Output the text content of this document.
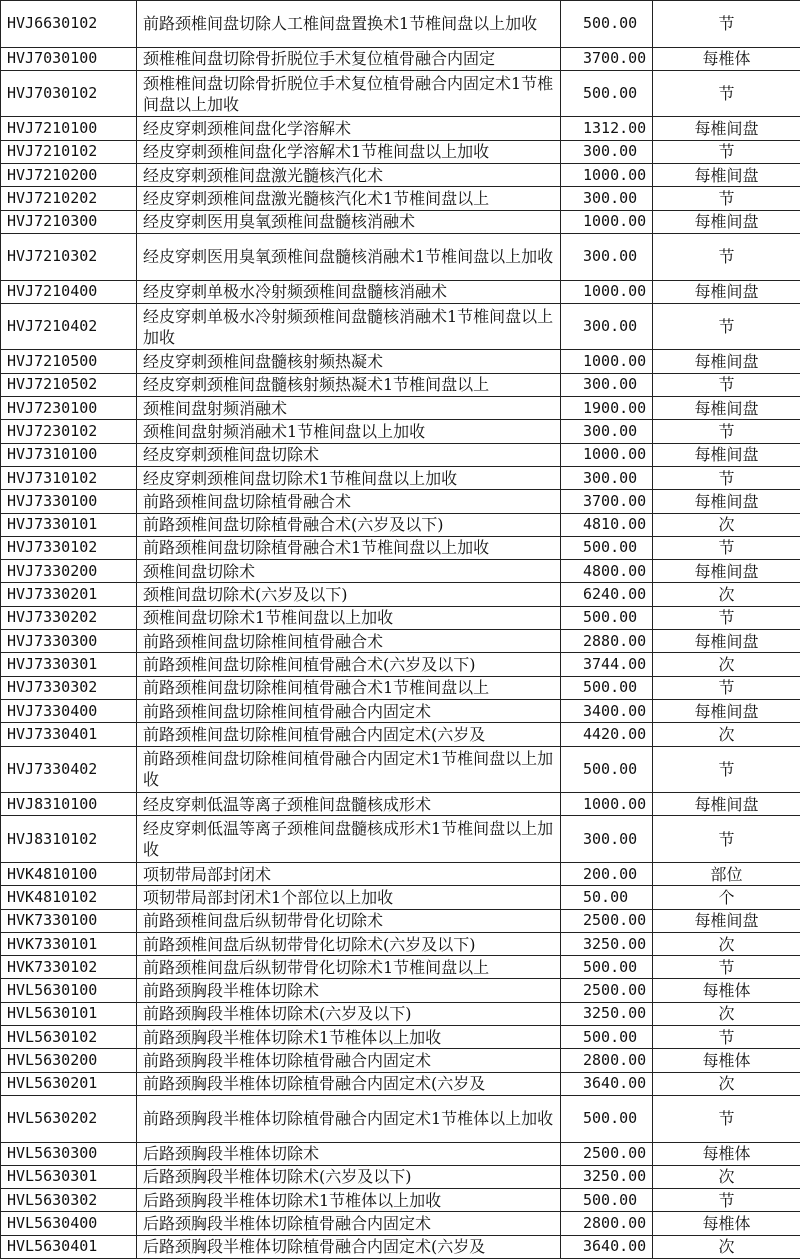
HVJ6630102	前路颈椎间盘切除人工椎间盘置换术1节椎间盘以上加收	500.00	节
HVJ7030100	颈椎椎间盘切除骨折脱位手术复位植骨融合内固定	3700.00	每椎体
HVJ7030102	颈椎椎间盘切除骨折脱位手术复位植骨融合内固定术1节椎间盘以上加收	500.00	节
HVJ7210100	经皮穿刺颈椎间盘化学溶解术	1312.00	每椎间盘
HVJ7210102	经皮穿刺颈椎间盘化学溶解术1节椎间盘以上加收	300.00	节
HVJ7210200	经皮穿刺颈椎间盘激光髓核汽化术	1000.00	每椎间盘
HVJ7210202	经皮穿刺颈椎间盘激光髓核汽化术1节椎间盘以上	300.00	节
HVJ7210300	经皮穿刺医用臭氧颈椎间盘髓核消融术	1000.00	每椎间盘
HVJ7210302	经皮穿刺医用臭氧颈椎间盘髓核消融术1节椎间盘以上加收	300.00	节
HVJ7210400	经皮穿刺单极水冷射频颈椎间盘髓核消融术	1000.00	每椎间盘
HVJ7210402	经皮穿刺单极水冷射频颈椎间盘髓核消融术1节椎间盘以上加收	300.00	节
HVJ7210500	经皮穿刺颈椎间盘髓核射频热凝术	1000.00	每椎间盘
HVJ7210502	经皮穿刺颈椎间盘髓核射频热凝术1节椎间盘以上	300.00	节
HVJ7230100	颈椎间盘射频消融术	1900.00	每椎间盘
HVJ7230102	颈椎间盘射频消融术1节椎间盘以上加收	300.00	节
HVJ7310100	经皮穿刺颈椎间盘切除术	1000.00	每椎间盘
HVJ7310102	经皮穿刺颈椎间盘切除术1节椎间盘以上加收	300.00	节
HVJ7330100	前路颈椎间盘切除植骨融合术	3700.00	每椎间盘
HVJ7330101	前路颈椎间盘切除植骨融合术(六岁及以下)	4810.00	次
HVJ7330102	前路颈椎间盘切除植骨融合术1节椎间盘以上加收	500.00	节
HVJ7330200	颈椎间盘切除术	4800.00	每椎间盘
HVJ7330201	颈椎间盘切除术(六岁及以下)	6240.00	次
HVJ7330202	颈椎间盘切除术1节椎间盘以上加收	500.00	节
HVJ7330300	前路颈椎间盘切除椎间植骨融合术	2880.00	每椎间盘
HVJ7330301	前路颈椎间盘切除椎间植骨融合术(六岁及以下)	3744.00	次
HVJ7330302	前路颈椎间盘切除椎间植骨融合术1节椎间盘以上	500.00	节
HVJ7330400	前路颈椎间盘切除椎间植骨融合内固定术	3400.00	每椎间盘
HVJ7330401	前路颈椎间盘切除椎间植骨融合内固定术(六岁及	4420.00	次
HVJ7330402	前路颈椎间盘切除椎间植骨融合内固定术1节椎间盘以上加收	500.00	节
HVJ8310100	经皮穿刺低温等离子颈椎间盘髓核成形术	1000.00	每椎间盘
HVJ8310102	经皮穿刺低温等离子颈椎间盘髓核成形术1节椎间盘以上加收	300.00	节
HVK4810100	项韧带局部封闭术	200.00	部位
HVK4810102	项韧带局部封闭术1个部位以上加收	50.00	个
HVK7330100	前路颈椎间盘后纵韧带骨化切除术	2500.00	每椎间盘
HVK7330101	前路颈椎间盘后纵韧带骨化切除术(六岁及以下)	3250.00	次
HVK7330102	前路颈椎间盘后纵韧带骨化切除术1节椎间盘以上	500.00	节
HVL5630100	前路颈胸段半椎体切除术	2500.00	每椎体
HVL5630101	前路颈胸段半椎体切除术(六岁及以下)	3250.00	次
HVL5630102	前路颈胸段半椎体切除术1节椎体以上加收	500.00	节
HVL5630200	前路颈胸段半椎体切除植骨融合内固定术	2800.00	每椎体
HVL5630201	前路颈胸段半椎体切除植骨融合内固定术(六岁及	3640.00	次
HVL5630202	前路颈胸段半椎体切除植骨融合内固定术1节椎体以上加收	500.00	节
HVL5630300	后路颈胸段半椎体切除术	2500.00	每椎体
HVL5630301	后路颈胸段半椎体切除术(六岁及以下)	3250.00	次
HVL5630302	后路颈胸段半椎体切除术1节椎体以上加收	500.00	节
HVL5630400	后路颈胸段半椎体切除植骨融合内固定术	2800.00	每椎体
HVL5630401	后路颈胸段半椎体切除植骨融合内固定术(六岁及	3640.00	次
